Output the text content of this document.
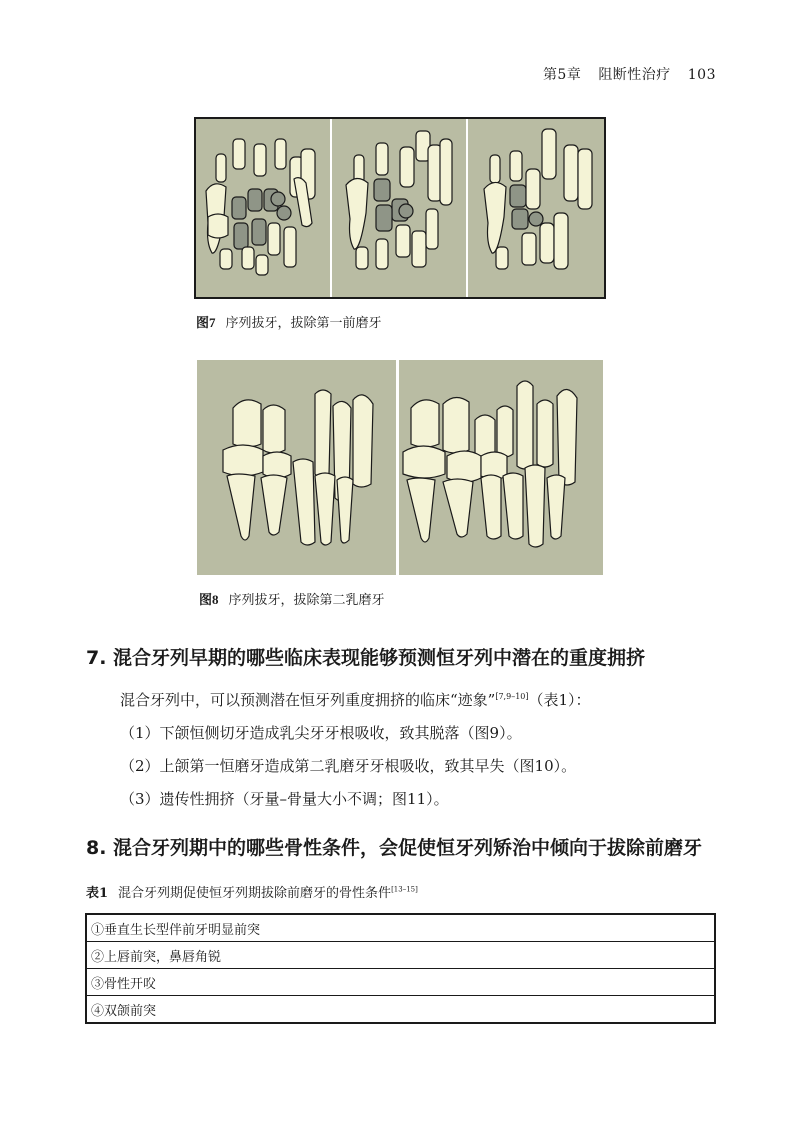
第5章 阻断性治疗 103
图7 序列拔牙，拔除第一前磨牙
图8 序列拔牙，拔除第二乳磨牙
7. 混合牙列早期的哪些临床表现能够预测恒牙列中潜在的重度拥挤
混合牙列中，可以预测潜在恒牙列重度拥挤的临床“迹象”[7,9–10]（表1）：
（1）下颌恒侧切牙造成乳尖牙牙根吸收，致其脱落（图9）。
（2）上颌第一恒磨牙造成第二乳磨牙牙根吸收，致其早失（图10）。
（3）遗传性拥挤（牙量–骨量大小不调；图11）。
8. 混合牙列期中的哪些骨性条件，会促使恒牙列矫治中倾向于拔除前磨牙
表1 混合牙列期促使恒牙列期拔除前磨牙的骨性条件[13–15]
①垂直生长型伴前牙明显前突
②上唇前突，鼻唇角锐
③骨性开㕮
④双颌前突
